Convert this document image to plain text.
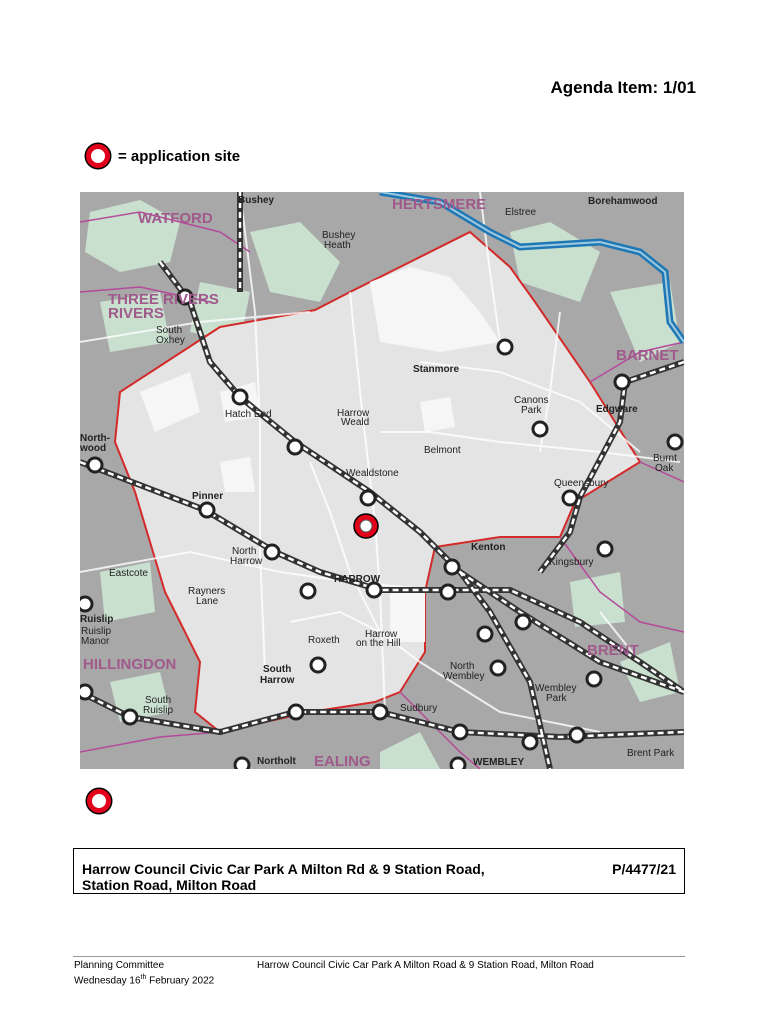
Agenda Item: 1/01
= application site
WATFORD
HERTSMERE
THREE RIVERS
BARNET
HILLINGDON
BRENT
EALING
RIVERS
Bushey
Bushey
Heath
Elstree
Borehamwood
South
Oxhey
Stanmore
Canons
Park	Edgware
Hatch End	Harrow
Weald
North-
wood	Belmont
Burnt
Oak
Wealdstone
Queensbury
Pinner
North
Harrow
Kenton
Kingsbury
Eastcote
Rayners
Lane
HARROW
Ruislip
Ruislip
Manor	Roxeth
Harrow
on the Hill
North
Wembley
South
Harrow
Wembley
Park
South
Ruislip	Sudbury
Northolt	WEMBLEY
Brent Park
Harrow Council Civic Car Park A Milton Rd & 9 Station Road, Station Road, Milton Road
P/4477/21
Planning Committee
Wednesday 16th February 2022
Harrow Council Civic Car Park A Milton Road & 9 Station Road, Milton Road
